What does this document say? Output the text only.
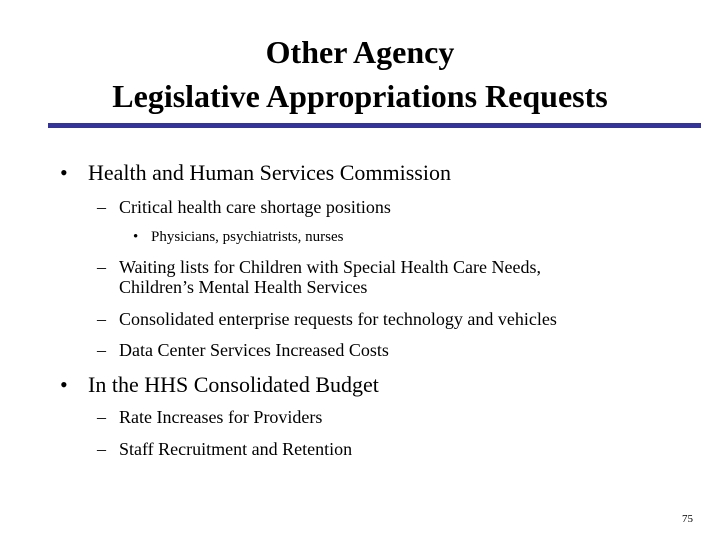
Other Agency
Legislative Appropriations Requests
• Health and Human Services Commission
– Critical health care shortage positions
• Physicians, psychiatrists, nurses
– Waiting lists for Children with Special Health Care Needs,
Children’s Mental Health Services
– Consolidated enterprise requests for technology and vehicles
– Data Center Services Increased Costs
• In the HHS Consolidated Budget
– Rate Increases for Providers
– Staff Recruitment and Retention
75
